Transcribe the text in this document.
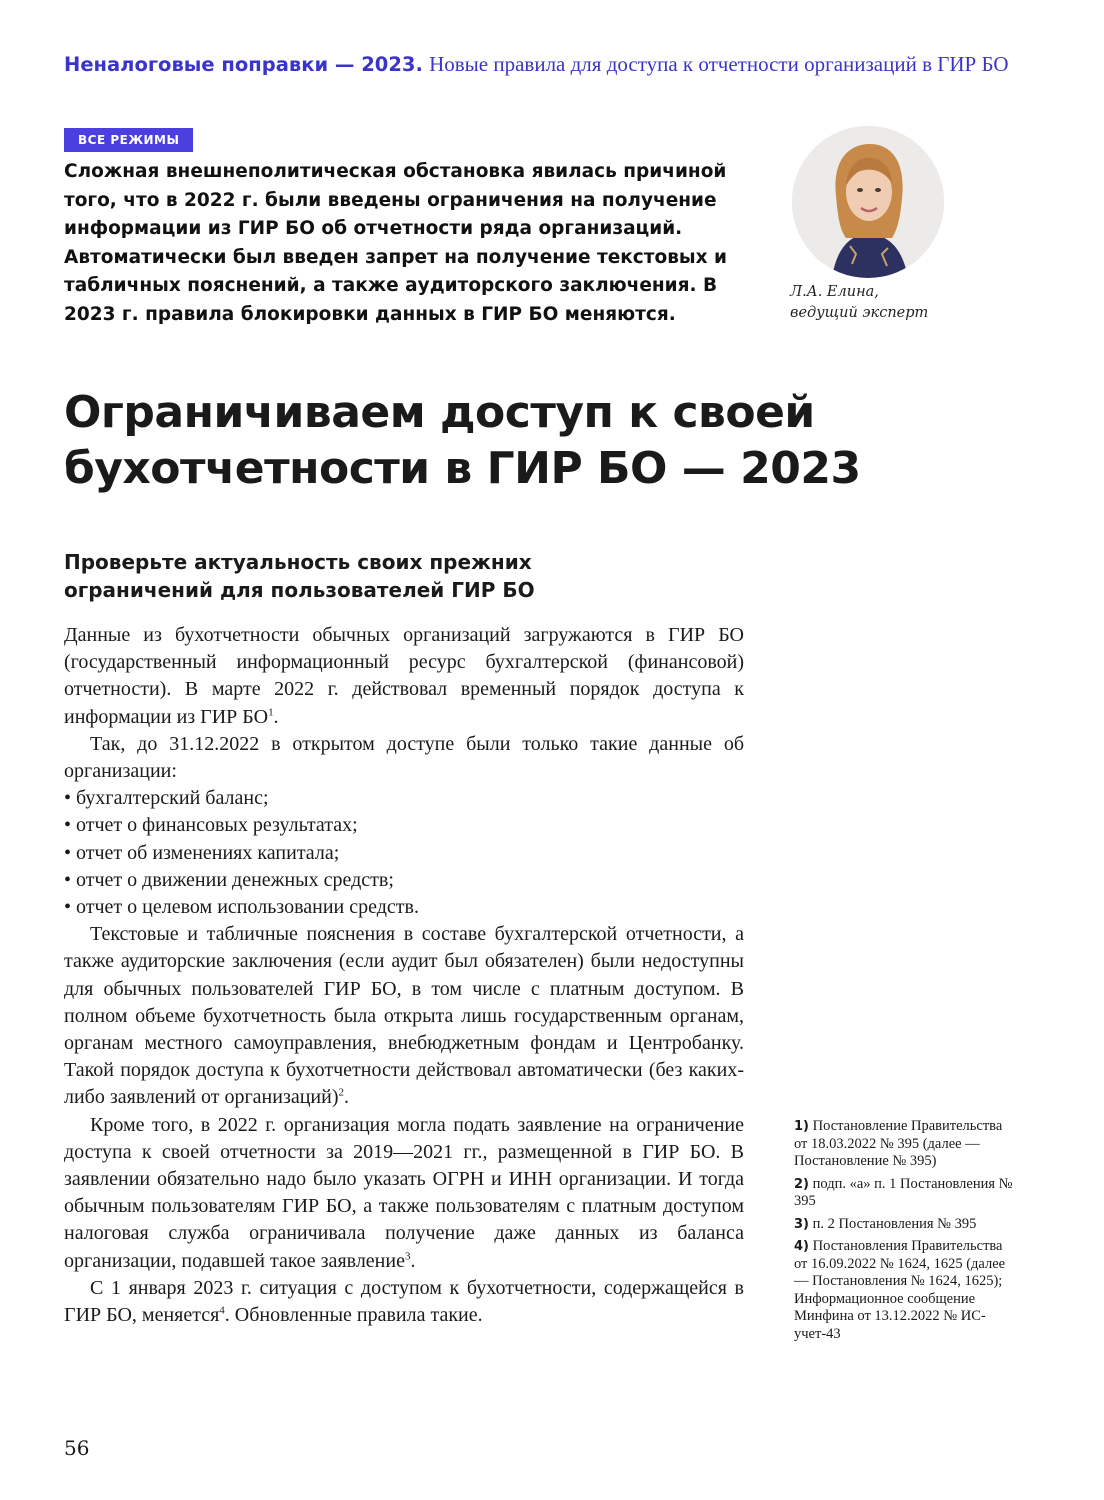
Неналоговые поправки — 2023. Новые правила для доступа к отчетности организаций в ГИР БО
ВСЕ РЕЖИМЫ
Сложная внешнеполитическая обстановка явилась причиной того, что в 2022 г. были введены ограничения на получение информации из ГИР БО об отчетности ряда организаций. Автоматически был введен запрет на получение текстовых и табличных пояснений, а также аудиторского заключения. В 2023 г. правила блокировки данных в ГИР БО меняются.
Л.А. Елина,
ведущий эксперт
Ограничиваем доступ к своей
бухотчетности в ГИР БО — 2023
Проверьте актуальность своих прежних ограничений для пользователей ГИР БО

Данные из бухотчетности обычных организаций загружаются в ГИР БО (государственный информационный ресурс бухгалтерской (финансовой) отчетности). В марте 2022 г. действовал временный порядок доступа к информации из ГИР $БО^1$.

Так, до 31.12.2022 в открытом доступе были только такие данные об организации:

• бухгалтерский баланс;
• отчет о финансовых результатах;
• отчет об изменениях капитала;
• отчет о движении денежных средств;
• отчет о целевом использовании средств.

Текстовые и табличные пояснения в составе бухгалтерской отчетности, а также аудиторские заключения (если аудит был обязателен) были недоступны для обычных пользователей ГИР БО, в том числе с платным доступом. В полном объеме бухотчетность была открыта лишь государственным органам, органам местного самоуправления, внебюджетным фондам и Центробанку. Такой порядок доступа к бухотчетности действовал автоматически (без каких-либо заявлений от организаций)$^2$.

Кроме того, в 2022 г. организация могла подать заявление на ограничение доступа к своей отчетности за 2019—2021 гг., размещенной в ГИР БО. В заявлении обязательно надо было указать ОГРН и ИНН организации. И тогда обычным пользователям ГИР БО, а также пользователям с платным доступом налоговая служба ограничивала получение даже данных из баланса организации, подавшей такое заявление$^3$.

С 1 января 2023 г. ситуация с доступом к бухотчетности, содержащейся в ГИР БО, меняется$^4$. Обновленные правила такие.

1) Постановление Правительства от 18.03.2022 № 395 (далее — Постановление № 395)
2) подп. «а» п. 1 Постановления № 395
3) п. 2 Постановления № 395
4) Постановления Правительства от 16.09.2022 № 1624, 1625 (далее — Постановления № 1624, 1625); Информационное сообщение Минфина от 13.12.2022 № ИС-учет-43
56
